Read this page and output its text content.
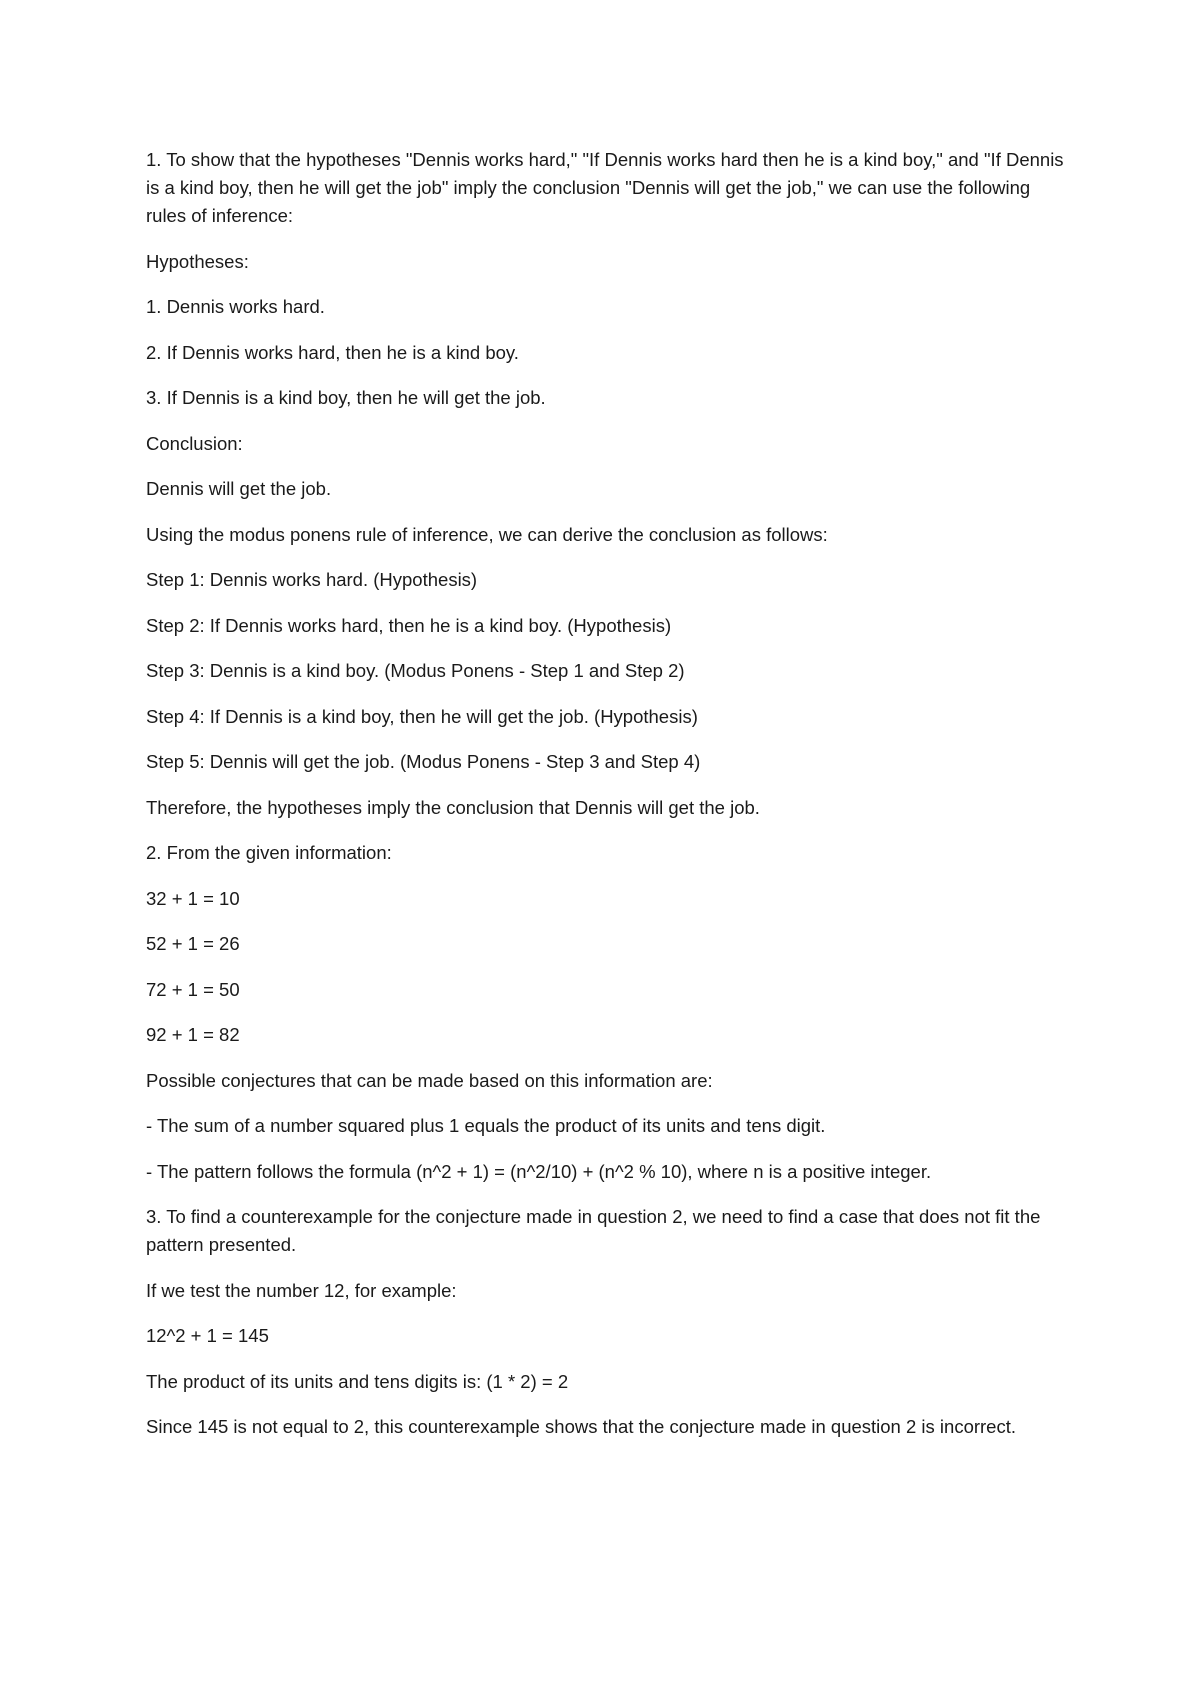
1. To show that the hypotheses "Dennis works hard," "If Dennis works hard then he is a kind boy," and "If Dennis is a kind boy, then he will get the job" imply the conclusion "Dennis will get the job," we can use the following rules of inference:

Hypotheses:

1. Dennis works hard.

2. If Dennis works hard, then he is a kind boy.

3. If Dennis is a kind boy, then he will get the job.

Conclusion:

Dennis will get the job.

Using the modus ponens rule of inference, we can derive the conclusion as follows:

Step 1: Dennis works hard. (Hypothesis)

Step 2: If Dennis works hard, then he is a kind boy. (Hypothesis)

Step 3: Dennis is a kind boy. (Modus Ponens - Step 1 and Step 2)

Step 4: If Dennis is a kind boy, then he will get the job. (Hypothesis)

Step 5: Dennis will get the job. (Modus Ponens - Step 3 and Step 4)

Therefore, the hypotheses imply the conclusion that Dennis will get the job.

2. From the given information:

32 + 1 = 10

52 + 1 = 26

72 + 1 = 50

92 + 1 = 82

Possible conjectures that can be made based on this information are:

- The sum of a number squared plus 1 equals the product of its units and tens digit.

- The pattern follows the formula (n^2 + 1) = (n^2/10) + (n^2 % 10), where n is a positive integer.

3. To find a counterexample for the conjecture made in question 2, we need to find a case that does not fit the pattern presented.

If we test the number 12, for example:

12^2 + 1 = 145

The product of its units and tens digits is: (1 * 2) = 2

Since 145 is not equal to 2, this counterexample shows that the conjecture made in question 2 is incorrect.
